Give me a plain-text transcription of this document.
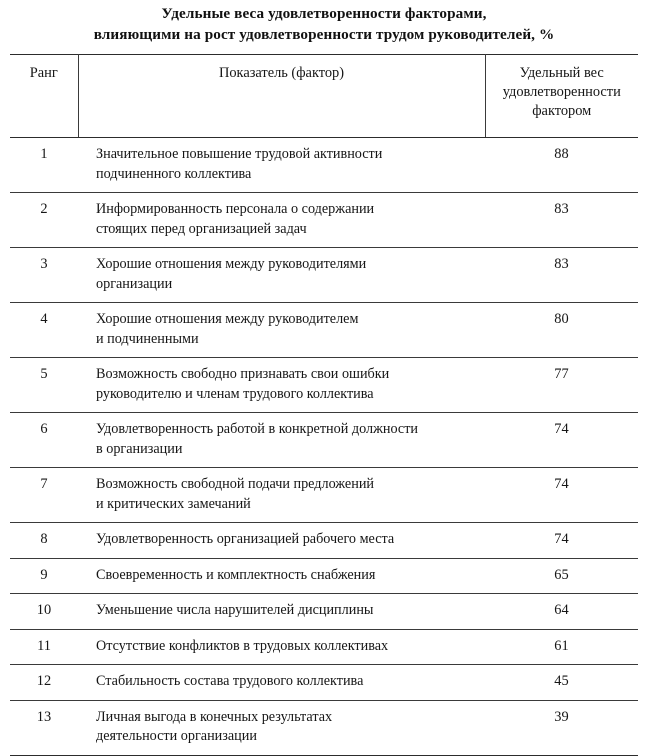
Удельные веса удовлетворенности факторами,
влияющими на рост удовлетворенности трудом руководителей, %
Ранг	Показатель (фактор)	Удельный вес
удовлетворенности
фактором

1	Значительное повышение трудовой активности
подчиненного коллектива	88
2	Информированность персонала о содержании
стоящих перед организацией задач	83
3	Хорошие отношения между руководителями
организации	83
4	Хорошие отношения между руководителем
и подчиненными	80
5	Возможность свободно признавать свои ошибки
руководителю и членам трудового коллектива	77
6	Удовлетворенность работой в конкретной должности
в организации	74
7	Возможность свободной подачи предложений
и критических замечаний	74
8	Удовлетворенность организацией рабочего места	74
9	Своевременность и комплектность снабжения	65
10	Уменьшение числа нарушителей дисциплины	64
11	Отсутствие конфликтов в трудовых коллективах	61
12	Стабильность состава трудового коллектива	45
13	Личная выгода в конечных результатах
деятельности организации	39
